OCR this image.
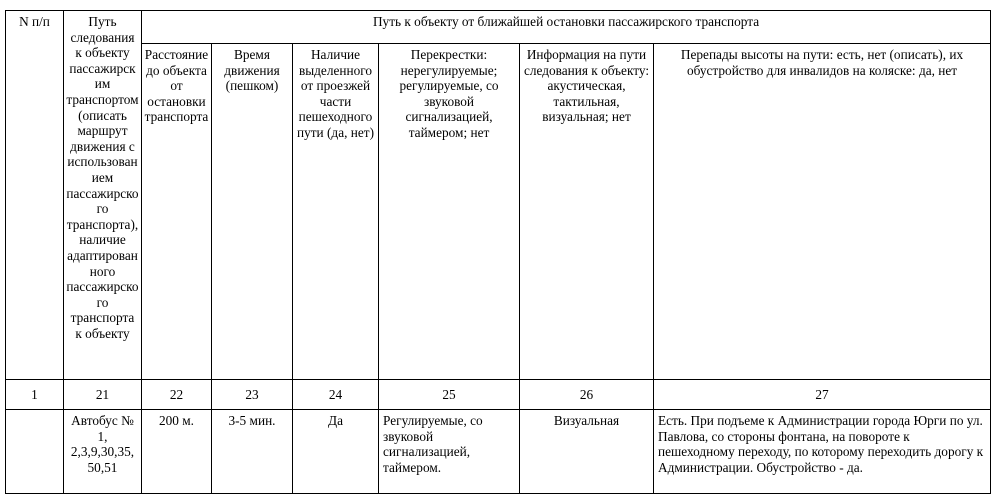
N п/п	Путь следования к объекту пассажирским транспортом (описать маршрут движения с использованием пассажирского транспорта), наличие адаптированного пассажирского транспорта к объекту	Путь к объекту от ближайшей остановки пассажирского транспорта					
		Расстояние до объекта от остановки транспорта	Время движения (пешком)	Наличие выделенного от проезжей части пешеходного пути (да, нет)	Перекрестки: нерегулируемые; регулируемые, со звуковой сигнализацией, таймером; нет	Информация на пути следования к объекту: акустическая, тактильная, визуальная; нет	Перепады высоты на пути: есть, нет (описать), их обустройство для инвалидов на коляске: да, нет
1	21	22	23	24	25	26	27
	Автобус №
1,
2,3,9,30,35,
50,51	200 м.	3-5 мин.	Да	Регулируемые, со звуковой сигнализацией, таймером.	Визуальная	Есть. При подъеме к Администрации города Юрги по ул. Павлова, со стороны фонтана, на повороте к пешеходному переходу, по которому переходить дорогу к Администрации. Обустройство - да.
